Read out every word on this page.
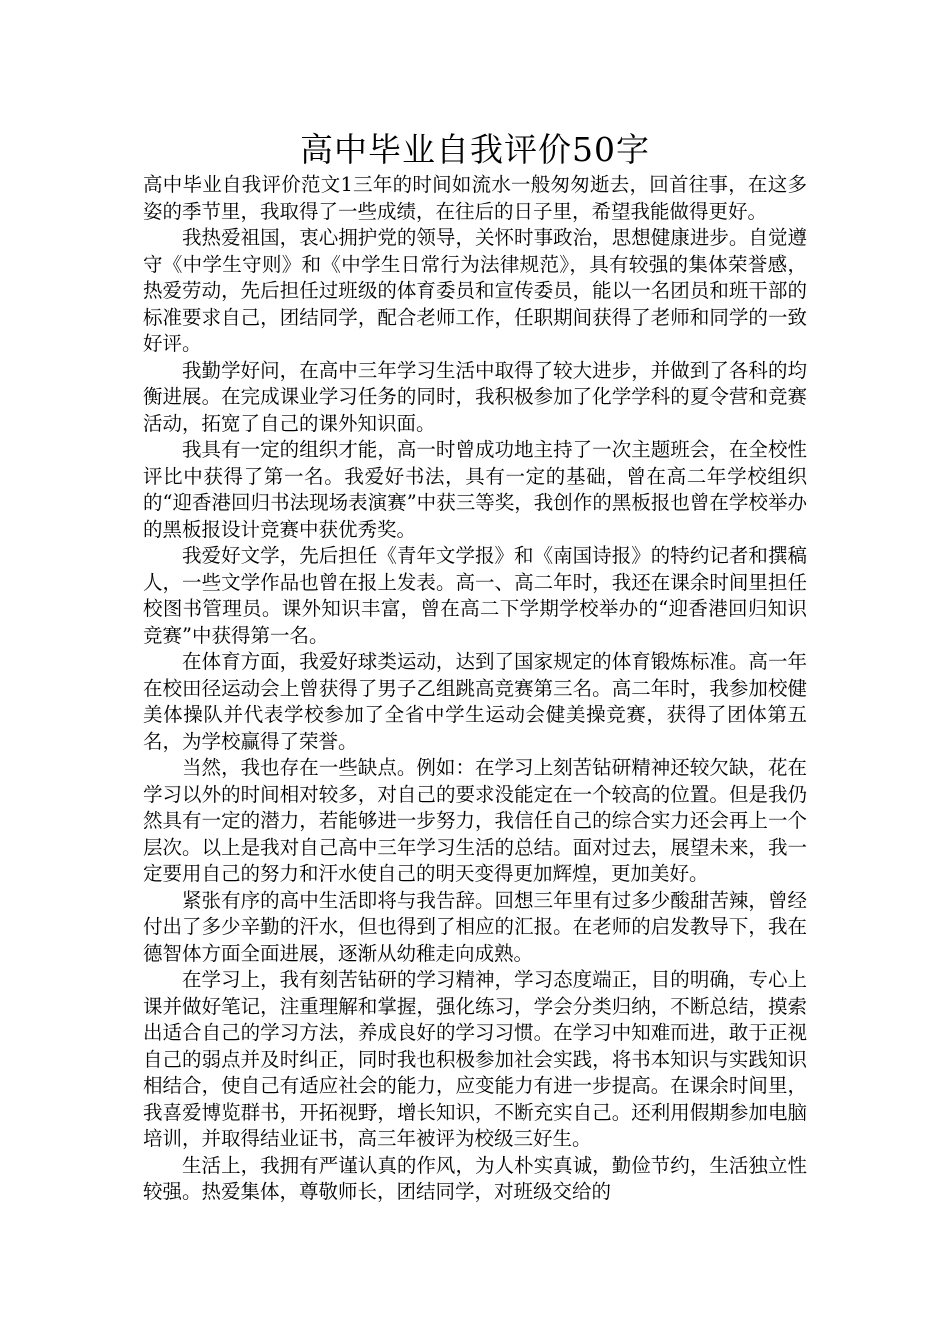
高中毕业自我评价50字

高中毕业自我评价范文1三年的时间如流水一般匆匆逝去，回首往事，在这多姿的季节里，我取得了一些成绩，在往后的日子里，希望我能做得更好。

我热爱祖国，衷心拥护党的领导，关怀时事政治，思想健康进步。自觉遵守《中学生守则》和《中学生日常行为法律规范》，具有较强的集体荣誉感，热爱劳动，先后担任过班级的体育委员和宣传委员，能以一名团员和班干部的标准要求自己，团结同学，配合老师工作，任职期间获得了老师和同学的一致好评。

我勤学好问，在高中三年学习生活中取得了较大进步，并做到了各科的均衡进展。在完成课业学习任务的同时，我积极参加了化学学科的夏令营和竞赛活动，拓宽了自己的课外知识面。

我具有一定的组织才能，高一时曾成功地主持了一次主题班会，在全校性评比中获得了第一名。我爱好书法，具有一定的基础，曾在高二年学校组织的“迎香港回归书法现场表演赛”中获三等奖，我创作的黑板报也曾在学校举办的黑板报设计竞赛中获优秀奖。

我爱好文学，先后担任《青年文学报》和《南国诗报》的特约记者和撰稿人，一些文学作品也曾在报上发表。高一、高二年时，我还在课余时间里担任校图书管理员。课外知识丰富，曾在高二下学期学校举办的“迎香港回归知识竞赛”中获得第一名。

在体育方面，我爱好球类运动，达到了国家规定的体育锻炼标准。高一年在校田径运动会上曾获得了男子乙组跳高竞赛第三名。高二年时，我参加校健美体操队并代表学校参加了全省中学生运动会健美操竞赛，获得了团体第五名，为学校赢得了荣誉。

当然，我也存在一些缺点。例如：在学习上刻苦钻研精神还较欠缺，花在学习以外的时间相对较多，对自己的要求没能定在一个较高的位置。但是我仍然具有一定的潜力，若能够进一步努力，我信任自己的综合实力还会再上一个层次。以上是我对自己高中三年学习生活的总结。面对过去，展望未来，我一定要用自己的努力和汗水使自己的明天变得更加辉煌，更加美好。

紧张有序的高中生活即将与我告辞。回想三年里有过多少酸甜苦辣，曾经付出了多少辛勤的汗水，但也得到了相应的汇报。在老师的启发教导下，我在德智体方面全面进展，逐渐从幼稚走向成熟。

在学习上，我有刻苦钻研的学习精神，学习态度端正，目的明确，专心上课并做好笔记，注重理解和掌握，强化练习，学会分类归纳，不断总结，摸索出适合自己的学习方法，养成良好的学习习惯。在学习中知难而进，敢于正视自己的弱点并及时纠正，同时我也积极参加社会实践，将书本知识与实践知识相结合，使自己有适应社会的能力，应变能力有进一步提高。在课余时间里，我喜爱博览群书，开拓视野，增长知识，不断充实自己。还利用假期参加电脑培训，并取得结业证书，高三年被评为校级三好生。

生活上，我拥有严谨认真的作风，为人朴实真诚，勤俭节约，生活独立性较强。热爱集体，尊敬师长，团结同学，对班级交给的
